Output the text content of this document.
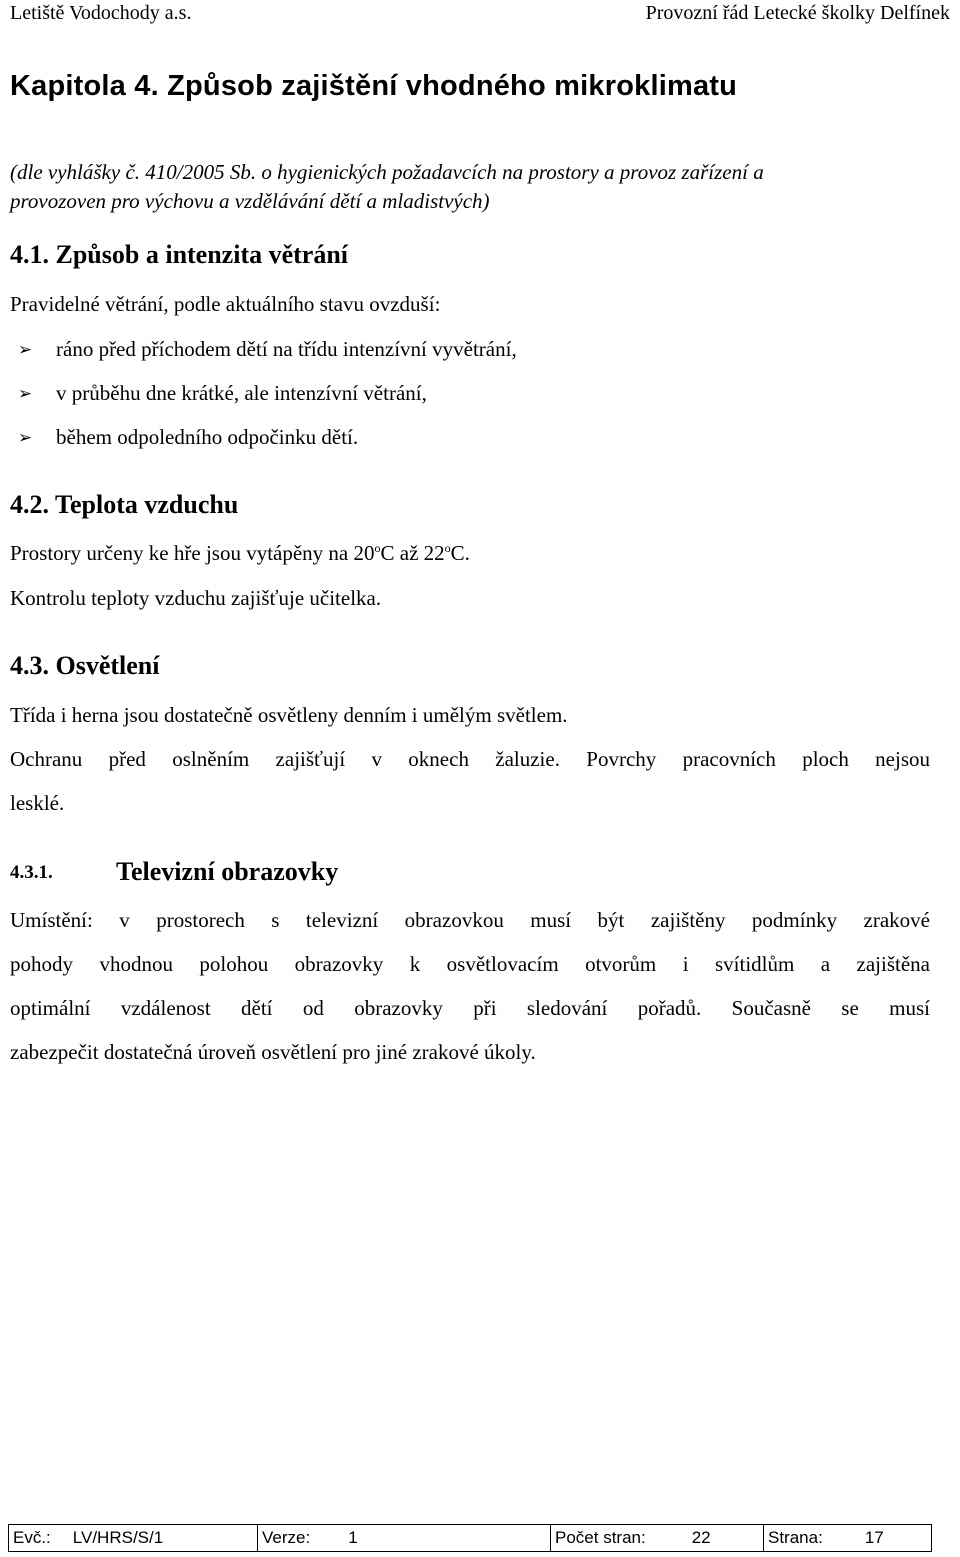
Letiště Vodochody a.s.	Provozní řád Letecké školky Delfínek
Kapitola 4. Způsob zajištění vhodného mikroklimatu
(dle vyhlášky č. 410/2005 Sb. o hygienických požadavcích na prostory a provoz zařízení a
provozoven pro výchovu a vzdělávání dětí a mladistvých)
4.1. Způsob a intenzita větrání
Pravidelné větrání, podle aktuálního stavu ovzduší:
➢ ráno před příchodem dětí na třídu intenzívní vyvětrání,
➢ v průběhu dne krátké, ale intenzívní větrání,
➢ během odpoledního odpočinku dětí.
4.2. Teplota vzduchu
Prostory určeny ke hře jsou vytápěny na 20$^o$C až 22$^o$C.
Kontrolu teploty vzduchu zajišťuje učitelka.
4.3. Osvětlení
Třída i herna jsou dostatečně osvětleny denním i umělým světlem.
Ochranu před oslněním zajišťují v oknech žaluzie. Povrchy pracovních ploch nejsou
lesklé.
4.3.1. Televizní obrazovky
Umístění: v prostorech s televizní obrazovkou musí být zajištěny podmínky zrakové
pohody vhodnou polohou obrazovky k osvětlovacím otvorům i svítidlům a zajištěna
optimální vzdálenost dětí od obrazovky při sledování pořadů. Současně se musí
zabezpečit dostatečná úroveň osvětlení pro jiné zrakové úkoly.
Evč.: LV/HRS/S/1	Verze: 1	Počet stran:	22	Strana: 17
